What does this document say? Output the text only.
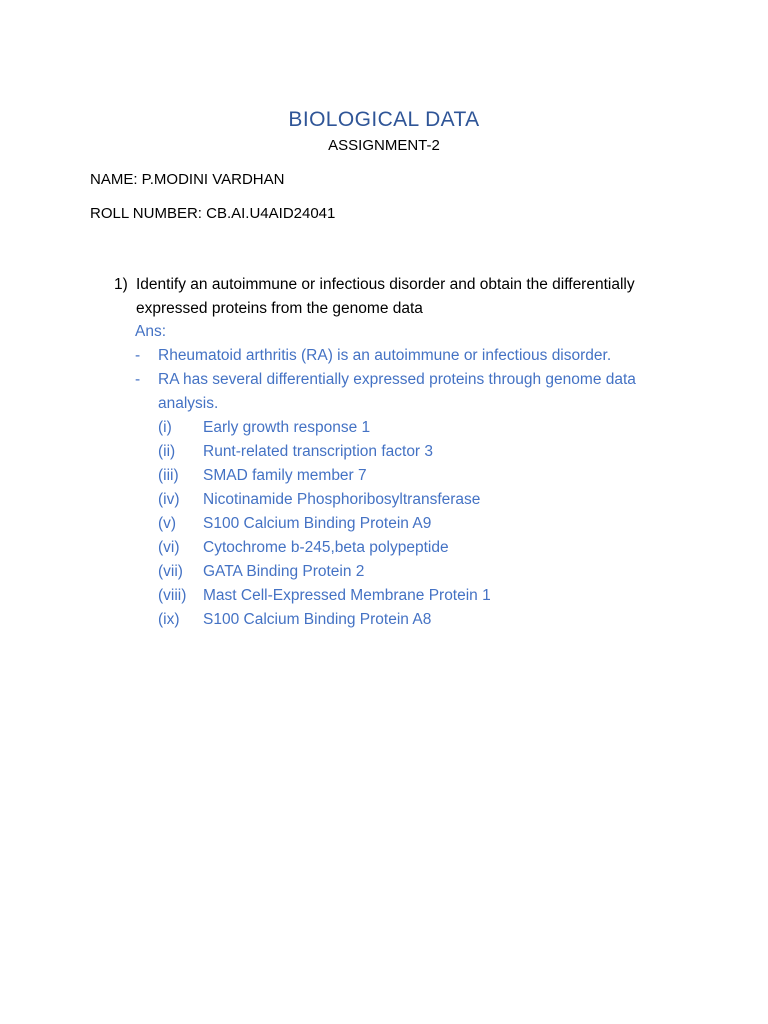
BIOLOGICAL DATA
ASSIGNMENT-2
NAME: P.MODINI VARDHAN
ROLL NUMBER: CB.AI.U4AID24041
1) Identify an autoimmune or infectious disorder and obtain the differentially expressed proteins from the genome data
Ans:
- Rheumatoid arthritis (RA) is an autoimmune or infectious disorder.
- RA has several differentially expressed proteins through genome data analysis.
(i) Early growth response 1
(ii) Runt-related transcription factor 3
(iii) SMAD family member 7
(iv) Nicotinamide Phosphoribosyltransferase
(v) S100 Calcium Binding Protein A9
(vi) Cytochrome b-245,beta polypeptide
(vii) GATA Binding Protein 2
(viii) Mast Cell-Expressed Membrane Protein 1
(ix) S100 Calcium Binding Protein A8
